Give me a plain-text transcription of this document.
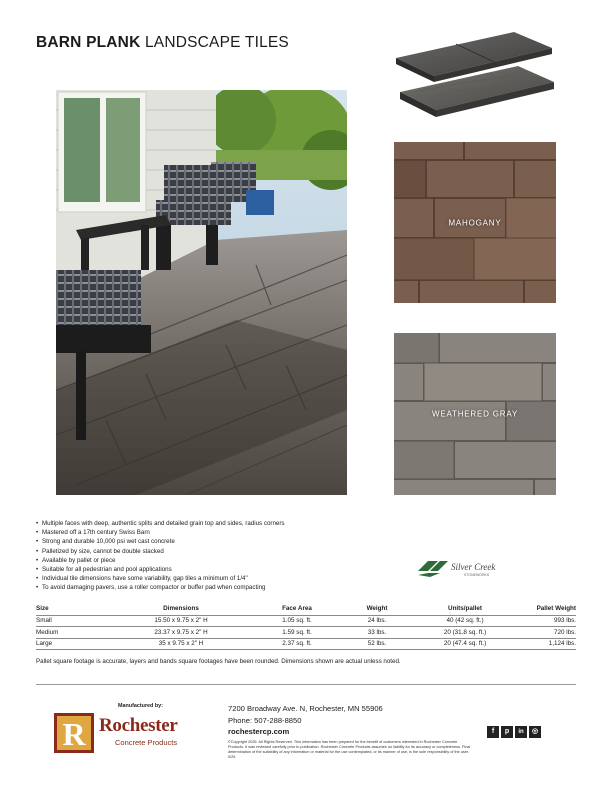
BARN PLANK LANDSCAPE TILES
MAHOGANY
WEATHERED GRAY
• Multiple faces with deep, authentic splits and detailed grain top and sides, radius corners
• Mastered off a 17th century Swiss Barn
• Strong and durable 10,000 psi wet cast concrete
• Palletized by size, cannot be double stacked
• Available by pallet or piece
• Suitable for all pedestrian and pool applications
• Individual tile dimensions have some variability, gap tiles a minimum of 1/4"
• To avoid damaging pavers, use a roller compactor or buffer pad when compacting
Silver Creek
STONEWORKS
Size	Dimensions	Face Area	Weight	Units/pallet	Pallet Weight
Small	15.50 x 9.75 x 2" H	1.05 sq. ft.	24 lbs.	40 (42 sq. ft.)	993 lbs.
Medium	23.37 x 9.75 x 2" H	1.59 sq. ft.	33 lbs.	20 (31.8 sq. ft.)	720 lbs.
Large	35 x 9.75 x 2" H	2.37 sq. ft.	52 lbs.	20 (47.4 sq. ft.)	1,124 lbs.
Pallet square footage is accurate, layers and bands square footages have been rounded. Dimensions shown are actual unless noted.
Manufactured by:
R Rochester
Concrete Products
7200 Broadway Ave. N, Rochester, MN 55906
Phone: 507-288-8850
rochestercp.com
©Copyright 2025. All Rights Reserved. This information has been prepared for the benefit of customers interested in Rochester Concrete Products. It was reviewed carefully prior to publication. Rochester Concrete Products assumes no liability for its accuracy or completeness. Final determination of the suitability of any information or material for the use contemplated, or its manner of use, is the sole responsibility of the user. 0/25
f	p	in	◎
